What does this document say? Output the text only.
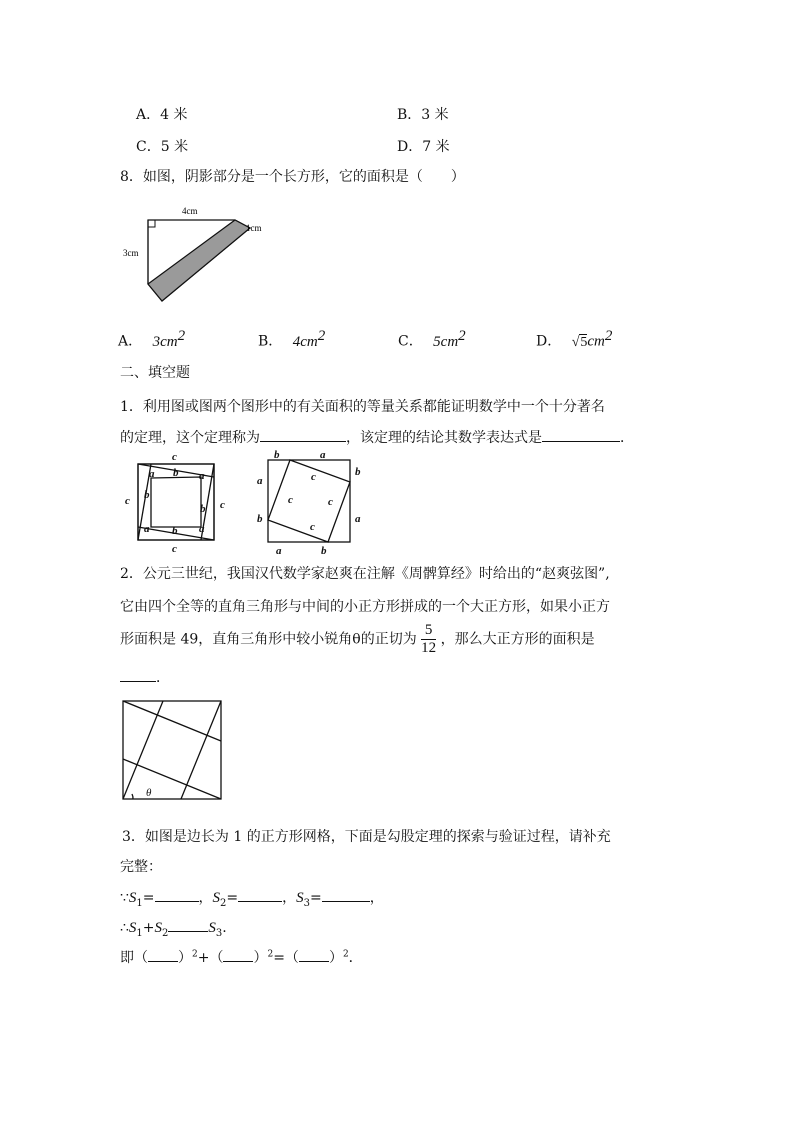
A．4 米	B．3 米
C．5 米	D．7 米
8．如图，阴影部分是一个长方形，它的面积是（　　）
4cm
1cm
3cm
A． $3cm^2$	B． $4cm^2$	C． $5cm^2$	D． $√5cm^2$
二、填空题
1．利用图或图两个图形中的有关面积的等量关系都能证明数学中一个十分著名
的定理，这个定理称为	，该定理的结论其数学表达式是	．
c
c
c	c
a b a
b
b
a b a
b	a
a
b
b	a
a	b
c
c	c
c
2．公元三世纪，我国汉代数学家赵爽在注解《周髀算经》时给出的“赵爽弦图”,
它由四个全等的直角三角形与中间的小正方形拼成的一个大正方形，如果小正方
形面积是 49，直角三角形中较小锐角θ的正切为 $\frac{5}{12}$ ，那么大正方形的面积是
．
θ
3．如图是边长为 1 的正方形网格，下面是勾股定理的探索与验证过程，请补充
完整：
$\because S_1=$	，$S_2=$	，$S_3=$	，
$\therefore S_1+S_2$	$S_3$.
即（ ）$^2$+（ ）$^2$=（ ）$^2$．
